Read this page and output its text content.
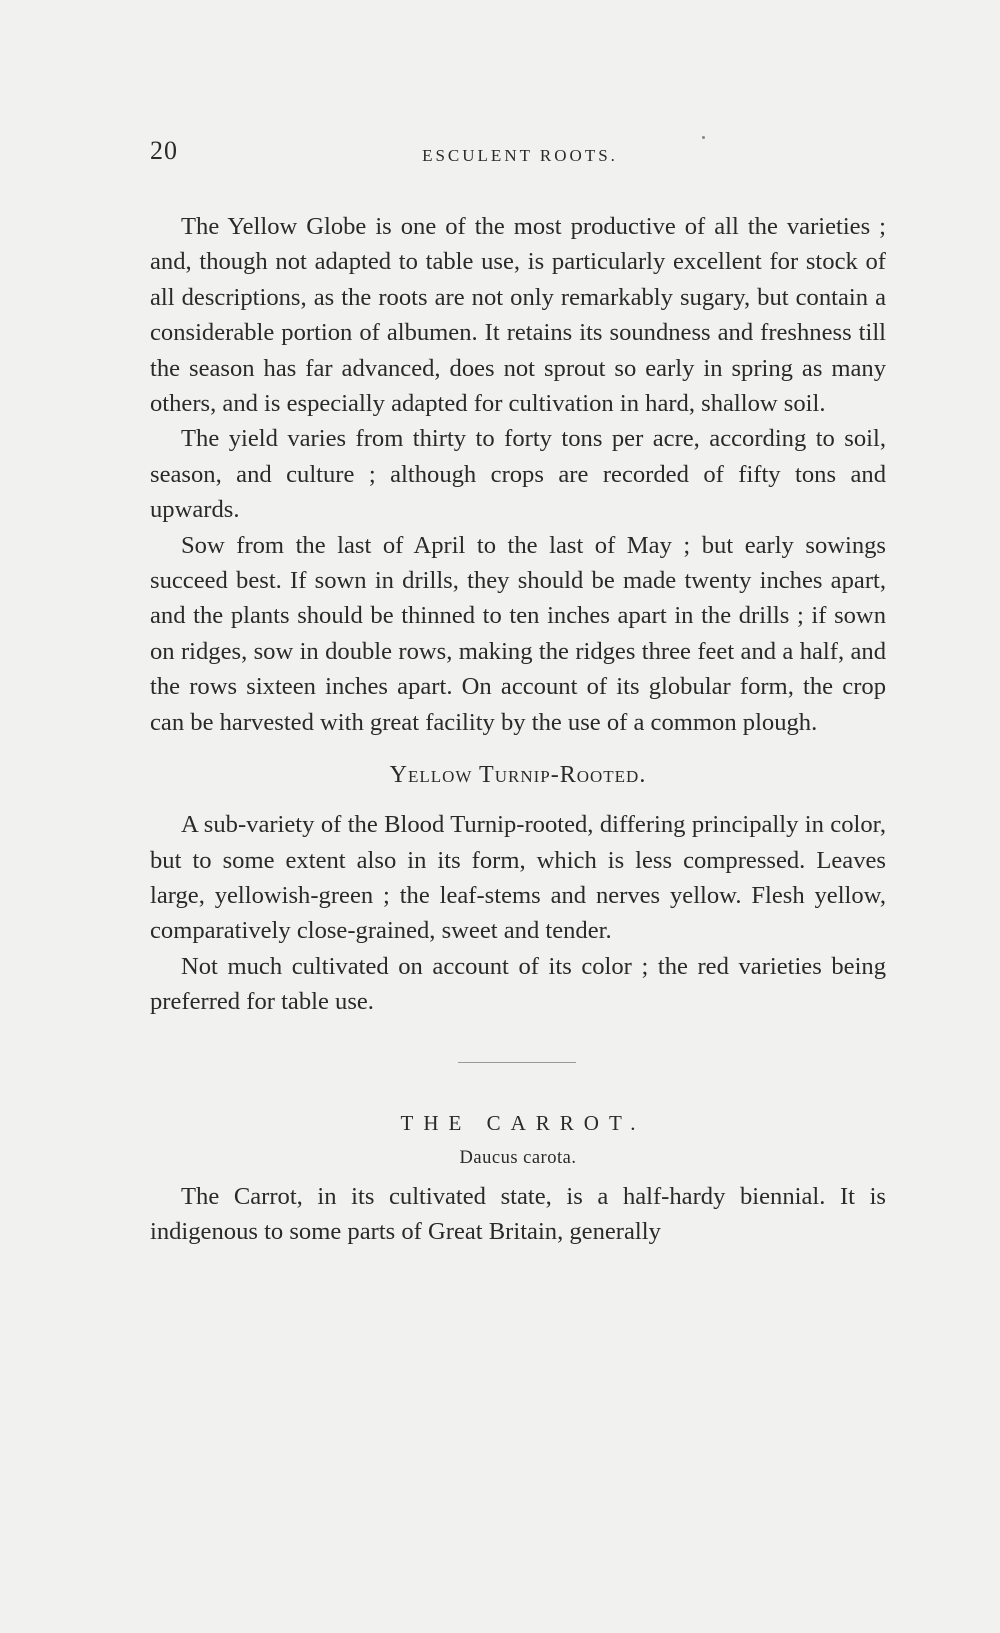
20	ESCULENT ROOTS.

The Yellow Globe is one of the most productive of all the varieties ; and, though not adapted to table use, is particularly excellent for stock of all descriptions, as the roots are not only remarkably sugary, but contain a considerable portion of albumen. It retains its soundness and freshness till the season has far advanced, does not sprout so early in spring as many others, and is especially adapted for cultivation in hard, shallow soil.

The yield varies from thirty to forty tons per acre, according to soil, season, and culture ; although crops are recorded of fifty tons and upwards.

Sow from the last of April to the last of May ; but early sowings succeed best. If sown in drills, they should be made twenty inches apart, and the plants should be thinned to ten inches apart in the drills ; if sown on ridges, sow in double rows, making the ridges three feet and a half, and the rows sixteen inches apart. On account of its globular form, the crop can be harvested with great facility by the use of a common plough.

Yellow Turnip-Rooted.

A sub-variety of the Blood Turnip-rooted, differing principally in color, but to some extent also in its form, which is less compressed. Leaves large, yellowish-green ; the leaf-stems and nerves yellow. Flesh yellow, comparatively close-grained, sweet and tender.

Not much cultivated on account of its color ; the red varieties being preferred for table use.

THE CARROT.
Daucus carota.

The Carrot, in its cultivated state, is a half-hardy biennial. It is indigenous to some parts of Great Britain, generally
